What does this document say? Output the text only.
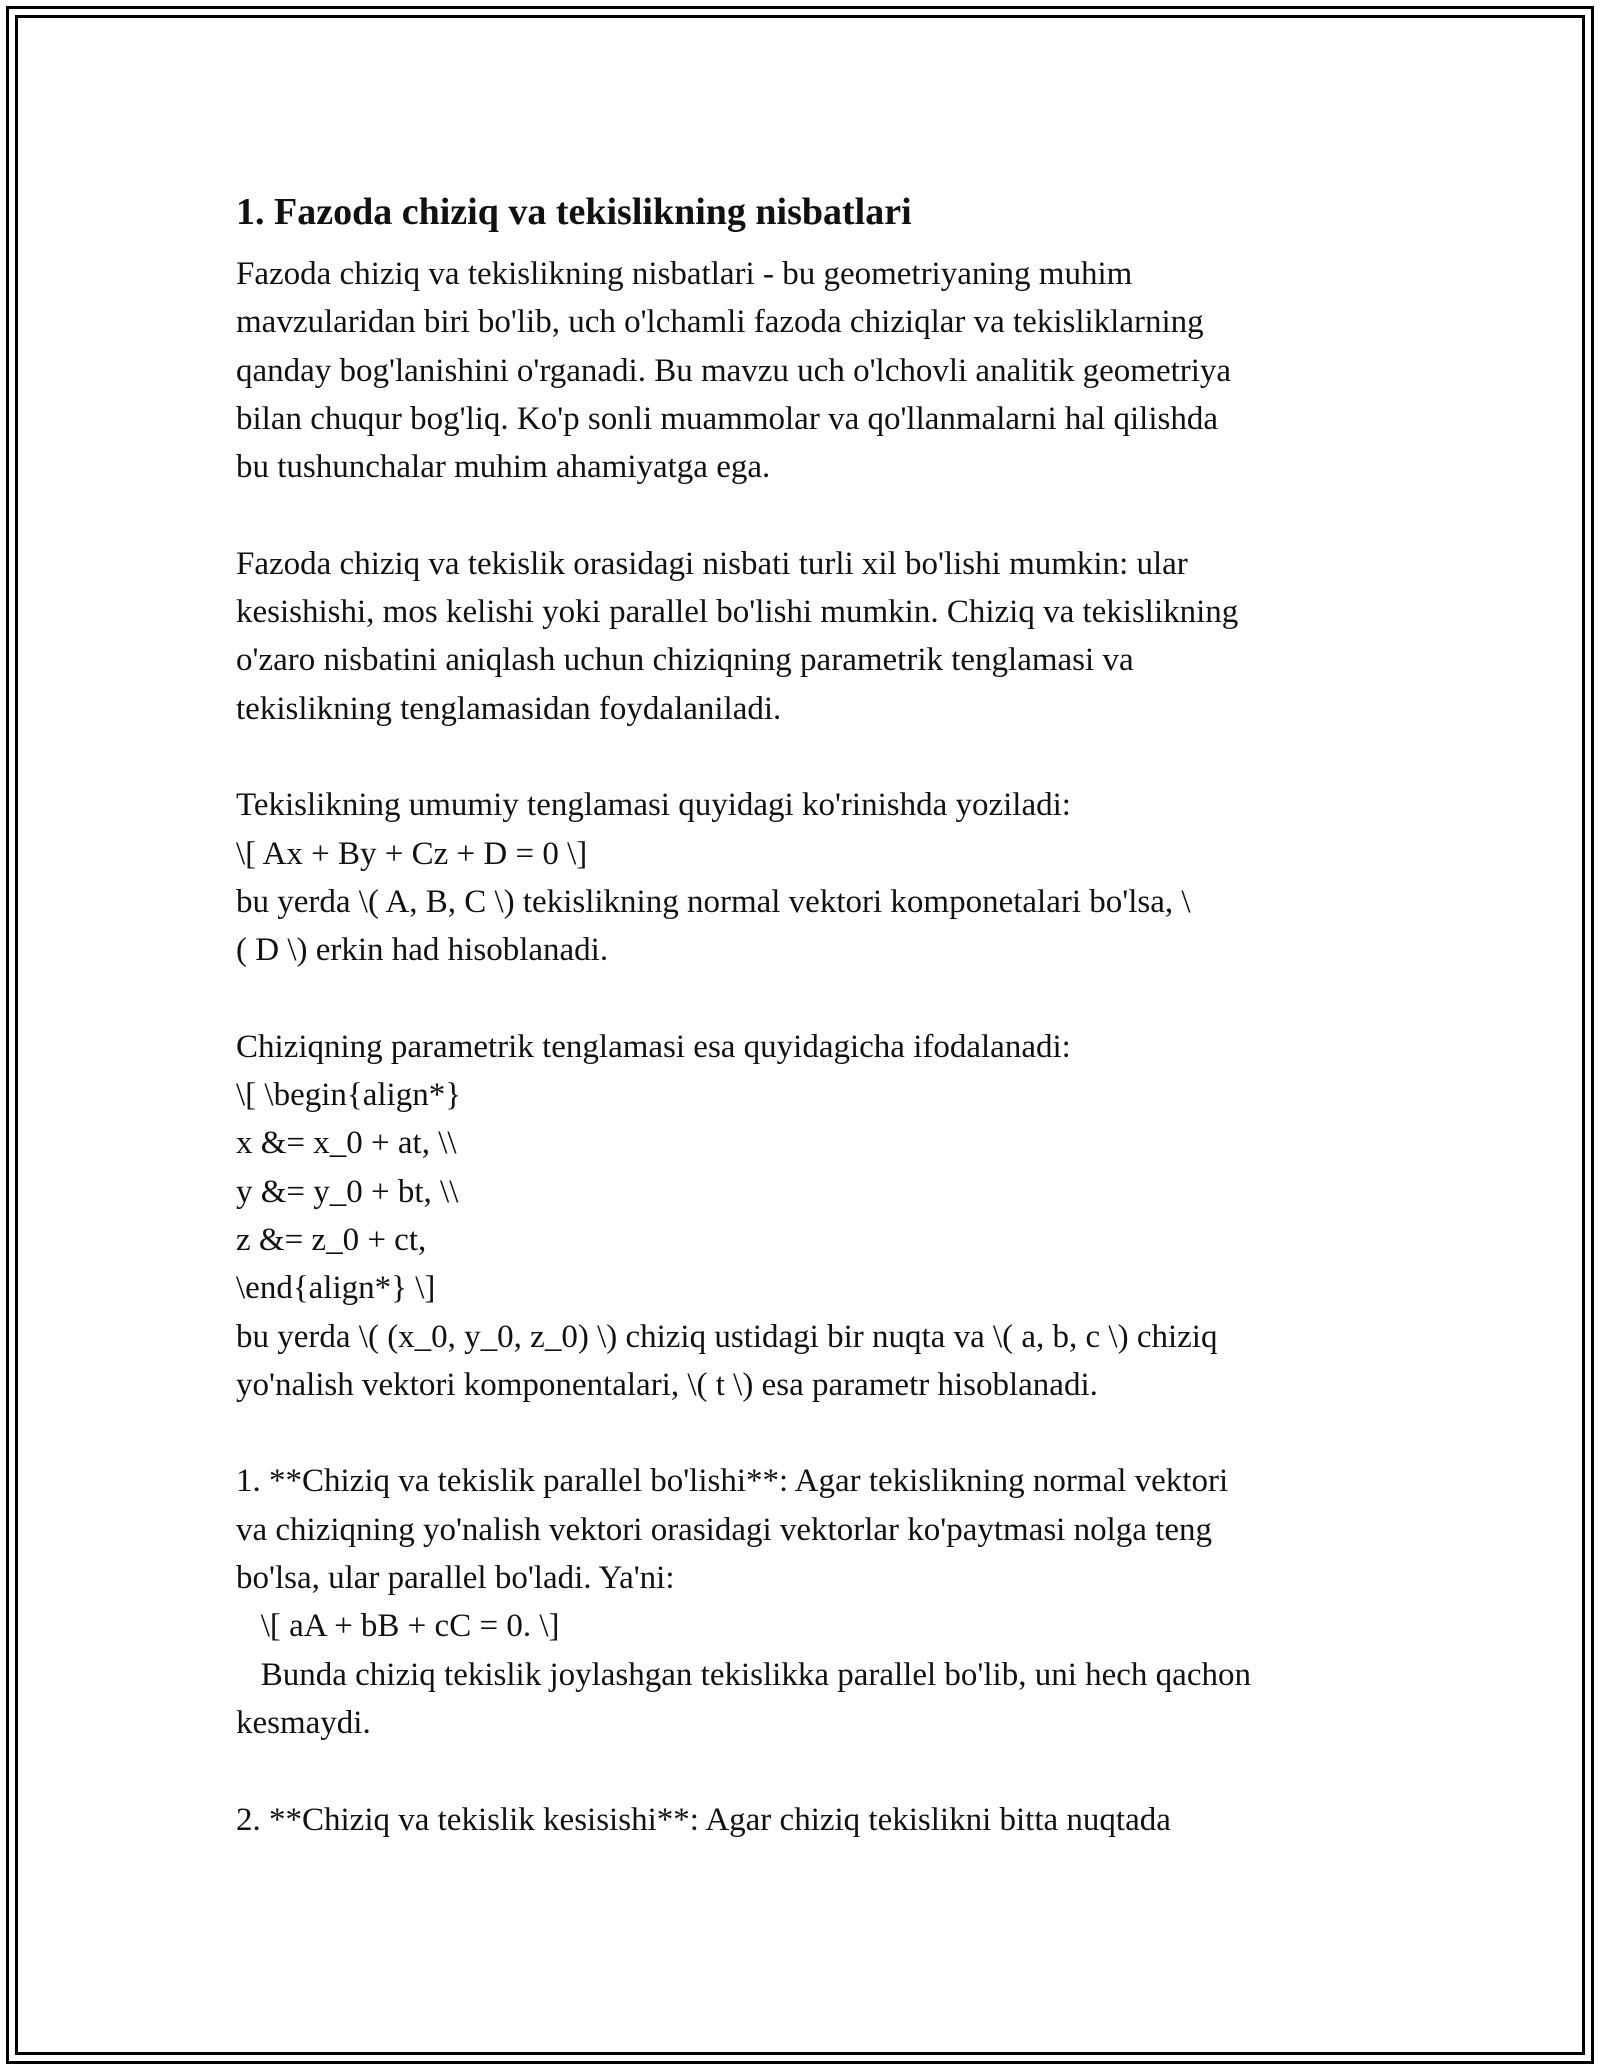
1. Fazoda chiziq va tekislikning nisbatlari
Fazoda chiziq va tekislikning nisbatlari - bu geometriyaning muhim
mavzularidan biri bo'lib, uch o'lchamli fazoda chiziqlar va tekisliklarning
qanday bog'lanishini o'rganadi. Bu mavzu uch o'lchovli analitik geometriya
bilan chuqur bog'liq. Ko'p sonli muammolar va qo'llanmalarni hal qilishda
bu tushunchalar muhim ahamiyatga ega.
Fazoda chiziq va tekislik orasidagi nisbati turli xil bo'lishi mumkin: ular
kesishishi, mos kelishi yoki parallel bo'lishi mumkin. Chiziq va tekislikning
o'zaro nisbatini aniqlash uchun chiziqning parametrik tenglamasi va
tekislikning tenglamasidan foydalaniladi.
Tekislikning umumiy tenglamasi quyidagi ko'rinishda yoziladi:
\[ Ax + By + Cz + D = 0 \]
bu yerda \( A, B, C \) tekislikning normal vektori komponetalari bo'lsa, \
( D \) erkin had hisoblanadi.
Chiziqning parametrik tenglamasi esa quyidagicha ifodalanadi:
\[ \begin{align*}
x &= x_0 + at, \\
y &= y_0 + bt, \\
z &= z_0 + ct,
\end{align*} \]
bu yerda \( (x_0, y_0, z_0) \) chiziq ustidagi bir nuqta va \( a, b, c \) chiziq
yo'nalish vektori komponentalari, \( t \) esa parametr hisoblanadi.
1. **Chiziq va tekislik parallel bo'lishi**: Agar tekislikning normal vektori
va chiziqning yo'nalish vektori orasidagi vektorlar ko'paytmasi nolga teng
bo'lsa, ular parallel bo'ladi. Ya'ni:
\[ aA + bB + cC = 0. \]
Bunda chiziq tekislik joylashgan tekislikka parallel bo'lib, uni hech qachon
kesmaydi.
2. **Chiziq va tekislik kesisishi**: Agar chiziq tekislikni bitta nuqtada
